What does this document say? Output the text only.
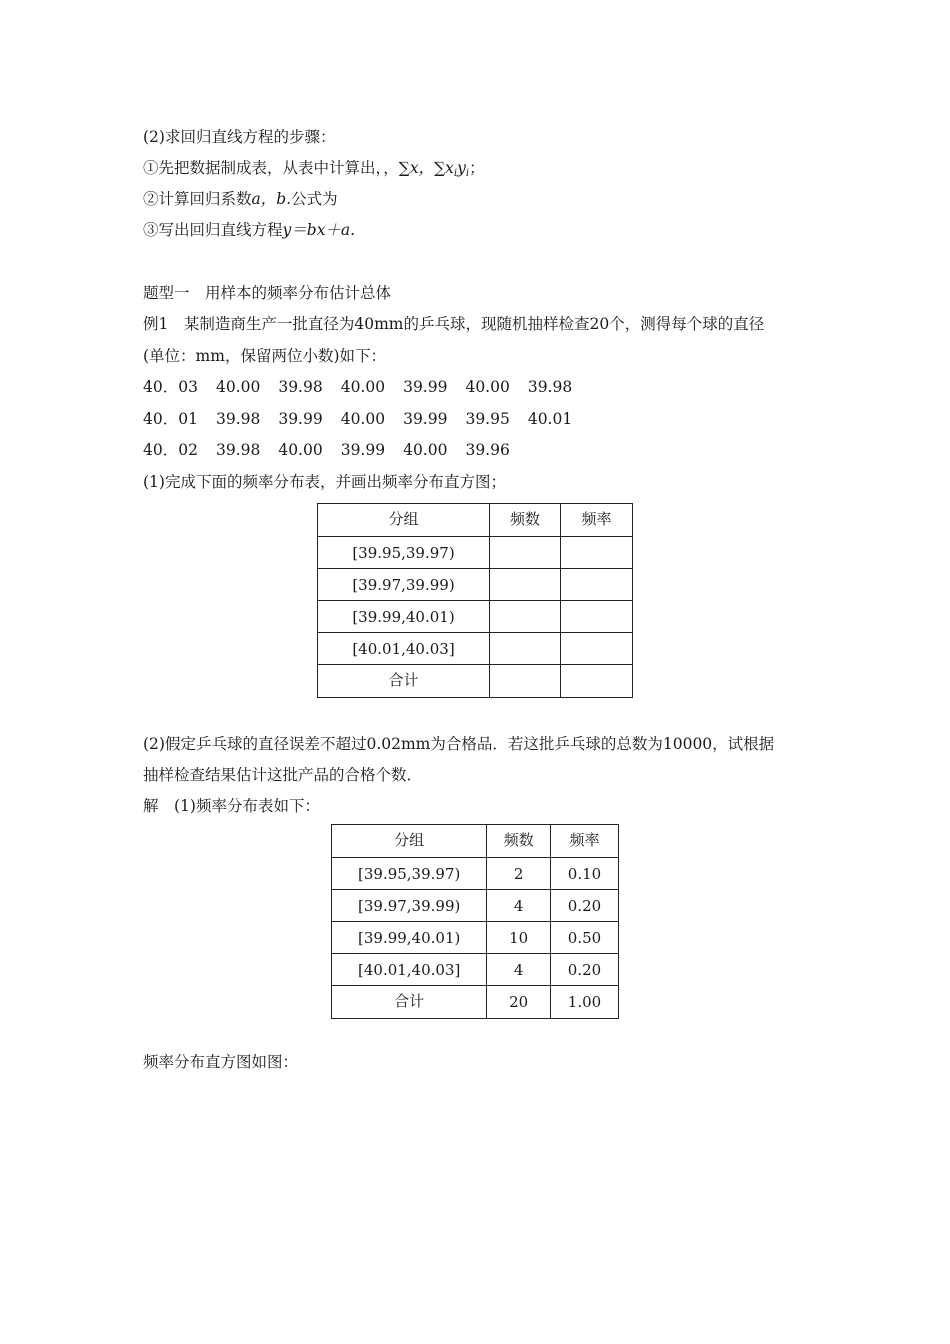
(2)求回归直线方程的步骤：
①先把数据制成表，从表中计算出，，∑x，$\sum x_iy_i$；
②计算回归系数a，b.公式为
③写出回归直线方程y＝bx＋a.
题型一　用样本的频率分布估计总体
例1　某制造商生产一批直径为40mm的乒乓球，现随机抽样检查20个，测得每个球的直径
(单位：mm，保留两位小数)如下：
40．03 40.00 39.98 40.00 39.99 40.00 39.98
40．01 39.98 39.99 40.00 39.99 39.95 40.01
40．02 39.98 40.00 39.99 40.00 39.96
(1)完成下面的频率分布表，并画出频率分布直方图；
分组	频数	频率
[39.95,39.97)		
[39.97,39.99)		
[39.99,40.01)		
[40.01,40.03]		
合计		
(2)假定乒乓球的直径误差不超过0.02mm为合格品．若这批乒乓球的总数为10000，试根据
抽样检查结果估计这批产品的合格个数．
解　(1)频率分布表如下：
分组	频数	频率
[39.95,39.97)	2	0.10
[39.97,39.99)	4	0.20
[39.99,40.01)	10	0.50
[40.01,40.03]	4	0.20
合计	20	1.00
频率分布直方图如图：
